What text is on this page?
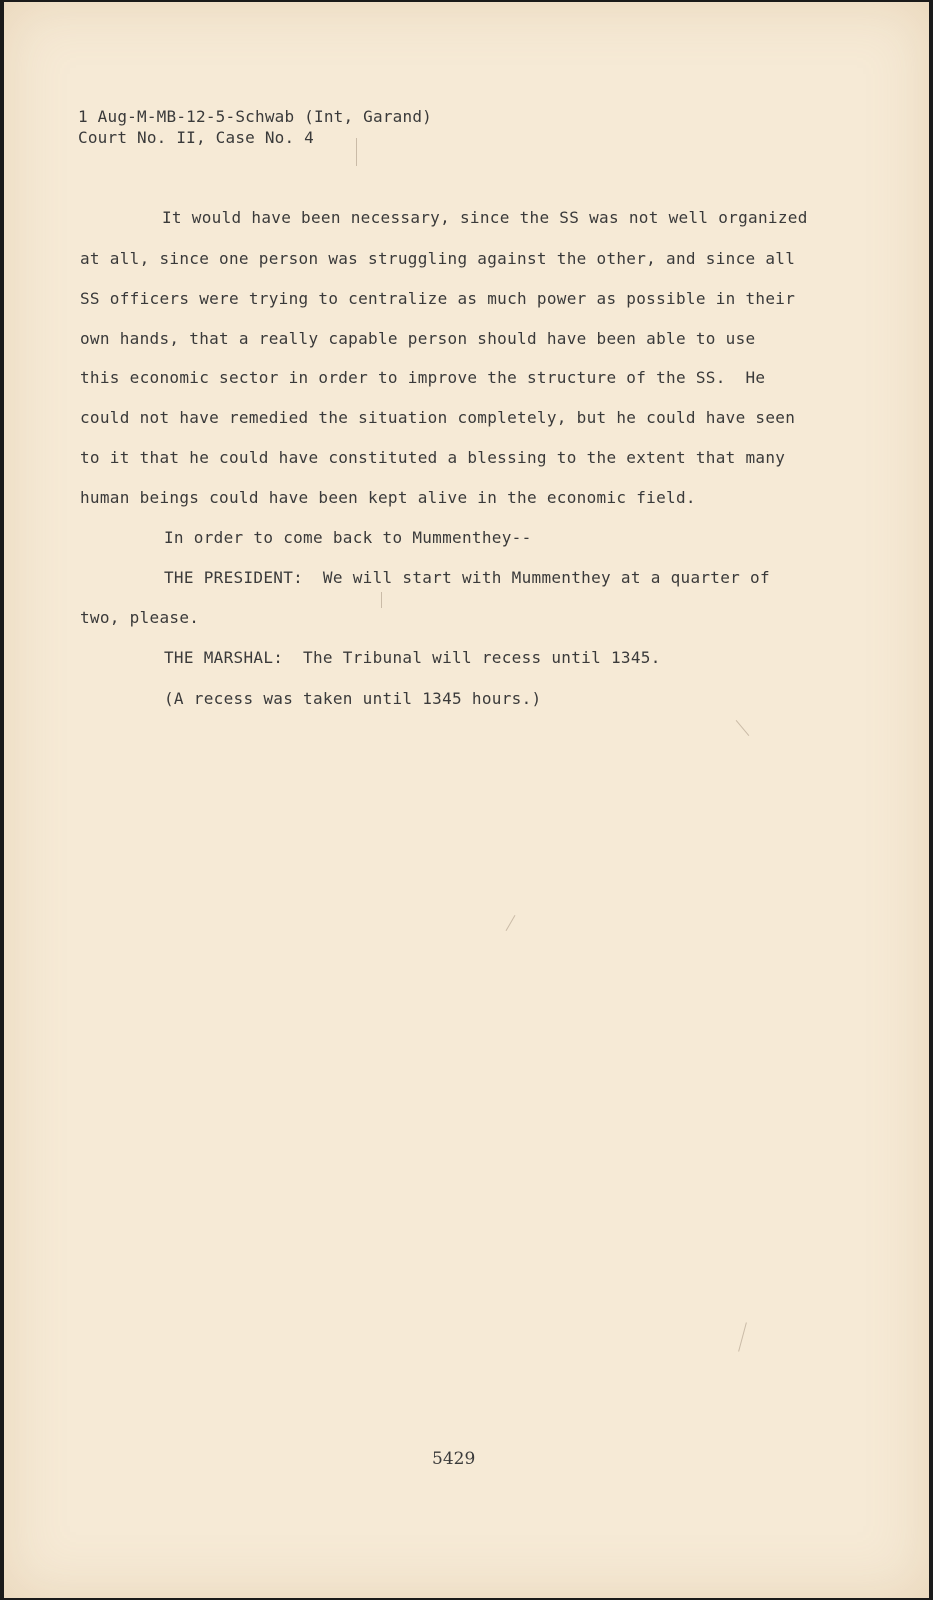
1 Aug-M-MB-12-5-Schwab (Int, Garand)
Court No. II, Case No. 4
It would have been necessary, since the SS was not well organized
at all, since one person was struggling against the other, and since all
SS officers were trying to centralize as much power as possible in their
own hands, that a really capable person should have been able to use
this economic sector in order to improve the structure of the SS.  He
could not have remedied the situation completely, but he could have seen
to it that he could have constituted a blessing to the extent that many
human beings could have been kept alive in the economic field.
In order to come back to Mummenthey--
THE PRESIDENT:  We will start with Mummenthey at a quarter of
two, please.
THE MARSHAL:  The Tribunal will recess until 1345.
(A recess was taken until 1345 hours.)
5429
